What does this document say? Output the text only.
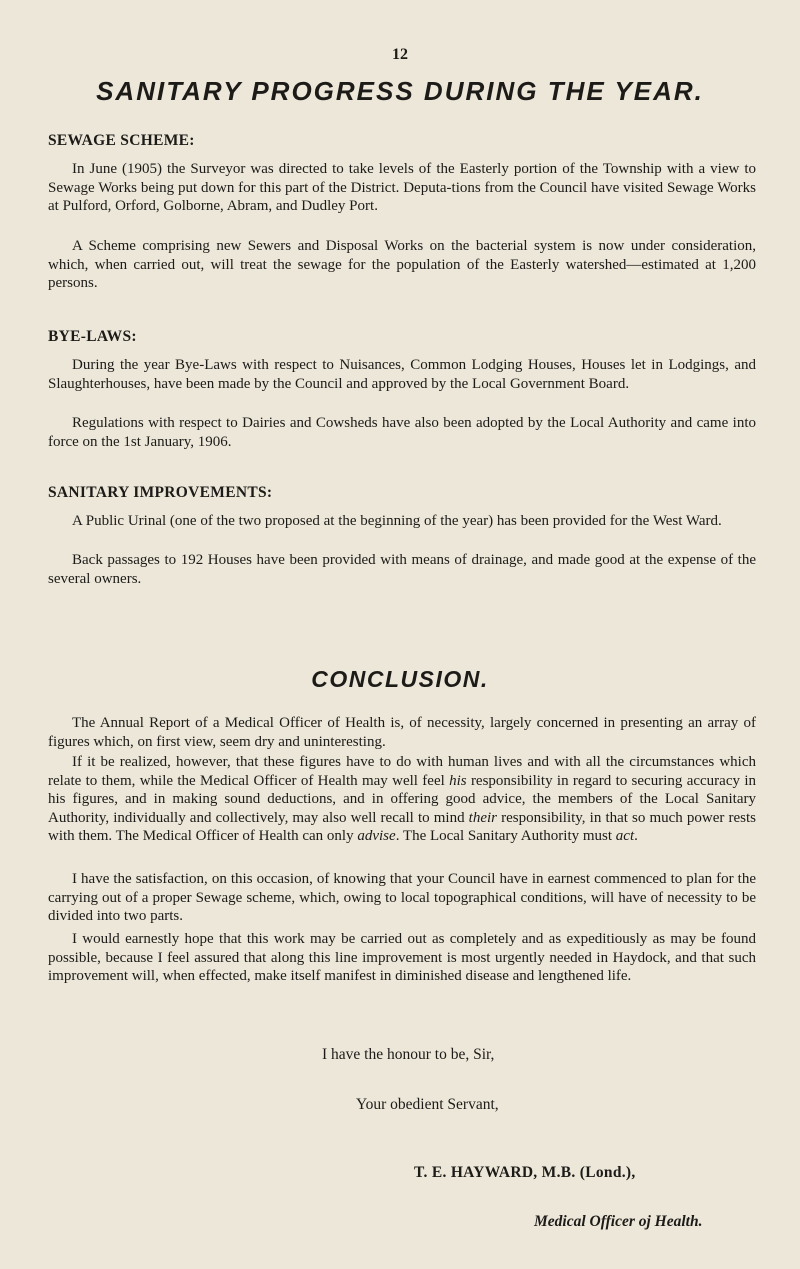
12
SANITARY PROGRESS DURING THE YEAR.
SEWAGE SCHEME:

In June (1905) the Surveyor was directed to take levels of the Easterly portion of the Township with a view to Sewage Works being put down for this part of the District. Deputa-tions from the Council have visited Sewage Works at Pulford, Orford, Golborne, Abram, and Dudley Port.

A Scheme comprising new Sewers and Disposal Works on the bacterial system is now under consideration, which, when carried out, will treat the sewage for the population of the Easterly watershed—estimated at 1,200 persons.

BYE-LAWS:

During the year Bye-Laws with respect to Nuisances, Common Lodging Houses, Houses let in Lodgings, and Slaughterhouses, have been made by the Council and approved by the Local Government Board.

Regulations with respect to Dairies and Cowsheds have also been adopted by the Local Authority and came into force on the 1st January, 1906.

SANITARY IMPROVEMENTS:

A Public Urinal (one of the two proposed at the beginning of the year) has been provided for the West Ward.

Back passages to 192 Houses have been provided with means of drainage, and made good at the expense of the several owners.

CONCLUSION.

The Annual Report of a Medical Officer of Health is, of necessity, largely concerned in presenting an array of figures which, on first view, seem dry and uninteresting.

If it be realized, however, that these figures have to do with human lives and with all the circumstances which relate to them, while the Medical Officer of Health may well feel his responsibility in regard to securing accuracy in his figures, and in making sound deductions, and in offering good advice, the members of the Local Sanitary Authority, individually and collectively, may also well recall to mind their responsibility, in that so much power rests with them. The Medical Officer of Health can only advise. The Local Sanitary Authority must act.

I have the satisfaction, on this occasion, of knowing that your Council have in earnest commenced to plan for the carrying out of a proper Sewage scheme, which, owing to local topographical conditions, will have of necessity to be divided into two parts.

I would earnestly hope that this work may be carried out as completely and as expeditiously as may be found possible, because I feel assured that along this line improvement is most urgently needed in Haydock, and that such improvement will, when effected, make itself manifest in diminished disease and lengthened life.

I have the honour to be, Sir,

Your obedient Servant,

T. E. HAYWARD, M.B. (Lond.),

Medical Officer oj Health.
